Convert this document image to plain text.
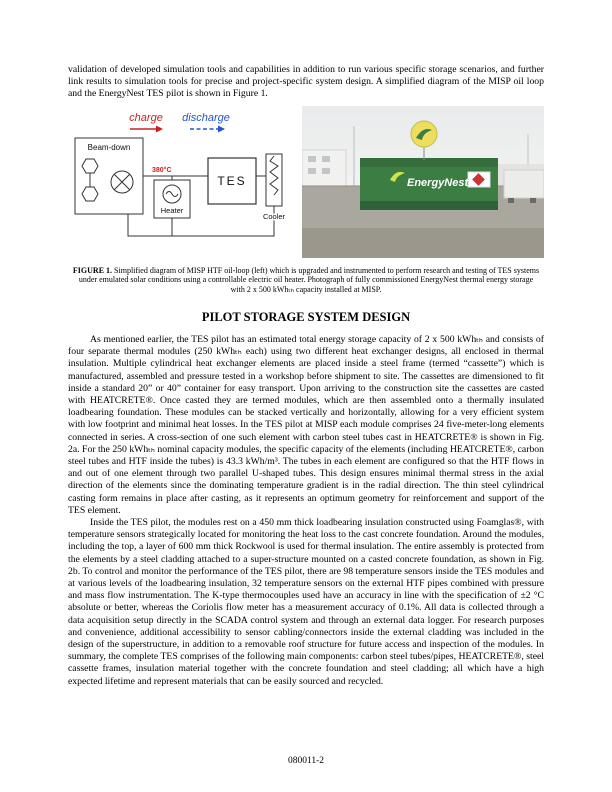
validation of developed simulation tools and capabilities in addition to run various specific storage scenarios, and further link results to simulation tools for precise and project-specific system design. A simplified diagram of the MISP oil loop and the EnergyNest TES pilot is shown in Figure 1.

charge discharge
Beam-down
380°C
Heater
TES
Cooler
EnergyNest

FIGURE 1. Simplified diagram of MISP HTF oil-loop (left) which is upgraded and instrumented to perform research and testing of TES systems under emulated solar conditions using a controllable electric oil heater. Photograph of fully commissioned EnergyNest thermal energy storage with 2 x 500 kWhₜₕ capacity installed at MISP.

PILOT STORAGE SYSTEM DESIGN

As mentioned earlier, the TES pilot has an estimated total energy storage capacity of 2 x 500 kWhₜₕ and consists of four separate thermal modules (250 kWhₜₕ each) using two different heat exchanger designs, all enclosed in thermal insulation. Multiple cylindrical heat exchanger elements are placed inside a steel frame (termed “cassette”) which is manufactured, assembled and pressure tested in a workshop before shipment to site. The cassettes are dimensioned to fit inside a standard 20” or 40” container for easy transport. Upon arriving to the construction site the cassettes are casted with HEATCRETE®. Once casted they are termed modules, which are then assembled onto a thermally insulated loadbearing foundation. These modules can be stacked vertically and horizontally, allowing for a very efficient system with low footprint and minimal heat losses. In the TES pilot at MISP each module comprises 24 five-meter-long elements connected in series. A cross-section of one such element with carbon steel tubes cast in HEATCRETE® is shown in Fig. 2a. For the 250 kWhₜₕ nominal capacity modules, the specific capacity of the elements (including HEATCRETE®, carbon steel tubes and HTF inside the tubes) is 43.3 kWh/m³. The tubes in each element are configured so that the HTF flows in and out of one element through two parallel U-shaped tubes. This design ensures minimal thermal stress in the axial direction of the elements since the dominating temperature gradient is in the radial direction. The thin steel cylindrical casting form remains in place after casting, as it represents an optimum geometry for reinforcement and support of the TES element.

Inside the TES pilot, the modules rest on a 450 mm thick loadbearing insulation constructed using Foamglas®, with temperature sensors strategically located for monitoring the heat loss to the cast concrete foundation. Around the modules, including the top, a layer of 600 mm thick Rockwool is used for thermal insulation. The entire assembly is protected from the elements by a steel cladding attached to a super-structure mounted on a casted concrete foundation, as shown in Fig. 2b. To control and monitor the performance of the TES pilot, there are 98 temperature sensors inside the TES modules and at various levels of the loadbearing insulation, 32 temperature sensors on the external HTF pipes combined with pressure and mass flow instrumentation. The K-type thermocouples used have an accuracy in line with the specification of ±2 °C absolute or better, whereas the Coriolis flow meter has a measurement accuracy of 0.1%. All data is collected through a data acquisition setup directly in the SCADA control system and through an external data logger. For research purposes and convenience, additional accessibility to sensor cabling/connectors inside the external cladding was included in the design of the superstructure, in addition to a removable roof structure for future access and inspection of the modules. In summary, the complete TES comprises of the following main components: carbon steel tubes/pipes, HEATCRETE®, steel cassette frames, insulation material together with the concrete foundation and steel cladding; all which have a high expected lifetime and represent materials that can be easily sourced and recycled.

080011-2
